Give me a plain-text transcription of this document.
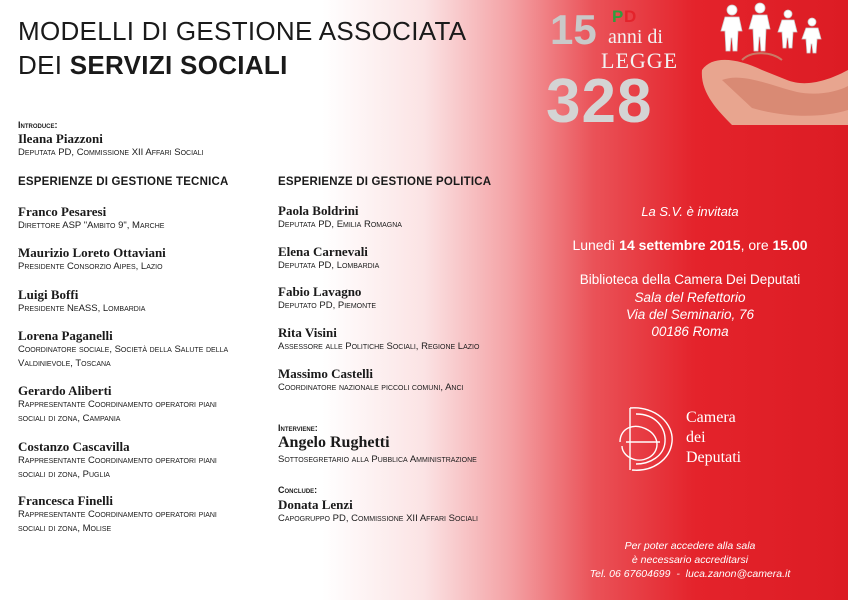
MODELLI DI GESTIONE ASSOCIATA
DEI SERVIZI SOCIALI
15 P D
anni di
LEGGE
328
Introduce:
Ileana Piazzoni
Deputata PD, Commissione XII Affari Sociali
ESPERIENZE DI GESTIONE TECNICA
Franco Pesaresi
Direttore ASP "Ambito 9", Marche
Maurizio Loreto Ottaviani
Presidente Consorzio Aipes, Lazio
Luigi Boffi
Presidente NeASS, Lombardia
Lorena Paganelli
Coordinatore sociale, Società della Salute della
Valdinievole, Toscana
Gerardo Aliberti
Rappresentante Coordinamento operatori piani
sociali di zona, Campania
Costanzo Cascavilla
Rappresentante Coordinamento operatori piani
sociali di zona, Puglia
Francesca Finelli
Rappresentante Coordinamento operatori piani
sociali di zona, Molise
ESPERIENZE DI GESTIONE POLITICA
Paola Boldrini
Deputata PD, Emilia Romagna
Elena Carnevali
Deputata PD, Lombardia
Fabio Lavagno
Deputato PD, Piemonte
Rita Visini
Assessore alle Politiche Sociali, Regione Lazio
Massimo Castelli
Coordinatore nazionale piccoli comuni, Anci
Interviene:
Angelo Rughetti
Sottosegretario alla Pubblica Amministrazione
Conclude:
Donata Lenzi
Capogruppo PD, Commissione XII Affari Sociali
La S.V. è invitata
Lunedì 14 settembre 2015, ore 15.00
Biblioteca della Camera Dei Deputati
Sala del Refettorio
Via del Seminario, 76
00186 Roma
Camera
dei
Deputati
Per poter accedere alla sala
è necessario accreditarsi
Tel. 06 67604699  -  luca.zanon@camera.it
